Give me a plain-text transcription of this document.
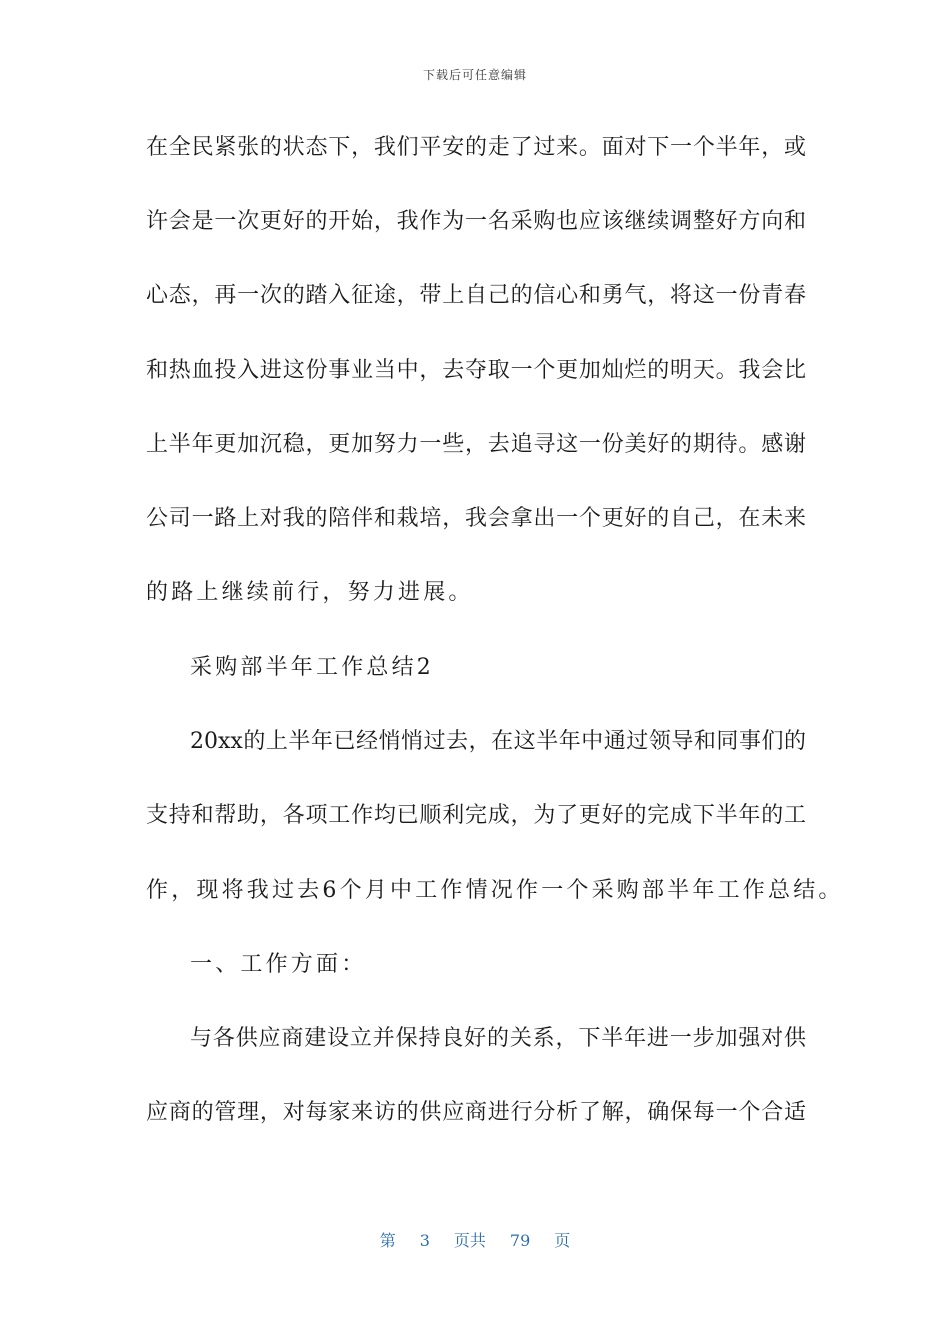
下载后可任意编辑
在全民紧张的状态下，我们平安的走了过来。面对下一个半年，或
许会是一次更好的开始，我作为一名采购也应该继续调整好方向和
心态，再一次的踏入征途，带上自己的信心和勇气，将这一份青春
和热血投入进这份事业当中，去夺取一个更加灿烂的明天。我会比
上半年更加沉稳，更加努力一些，去追寻这一份美好的期待。感谢
公司一路上对我的陪伴和栽培，我会拿出一个更好的自己，在未来
的路上继续前行，努力进展。
采购部半年工作总结2
20xx的上半年已经悄悄过去，在这半年中通过领导和同事们的
支持和帮助，各项工作均已顺利完成，为了更好的完成下半年的工
作，现将我过去6个月中工作情况作一个采购部半年工作总结。
一、工作方面：
与各供应商建设立并保持良好的关系，下半年进一步加强对供
应商的管理，对每家来访的供应商进行分析了解，确保每一个合适
第 3 页共 79 页
